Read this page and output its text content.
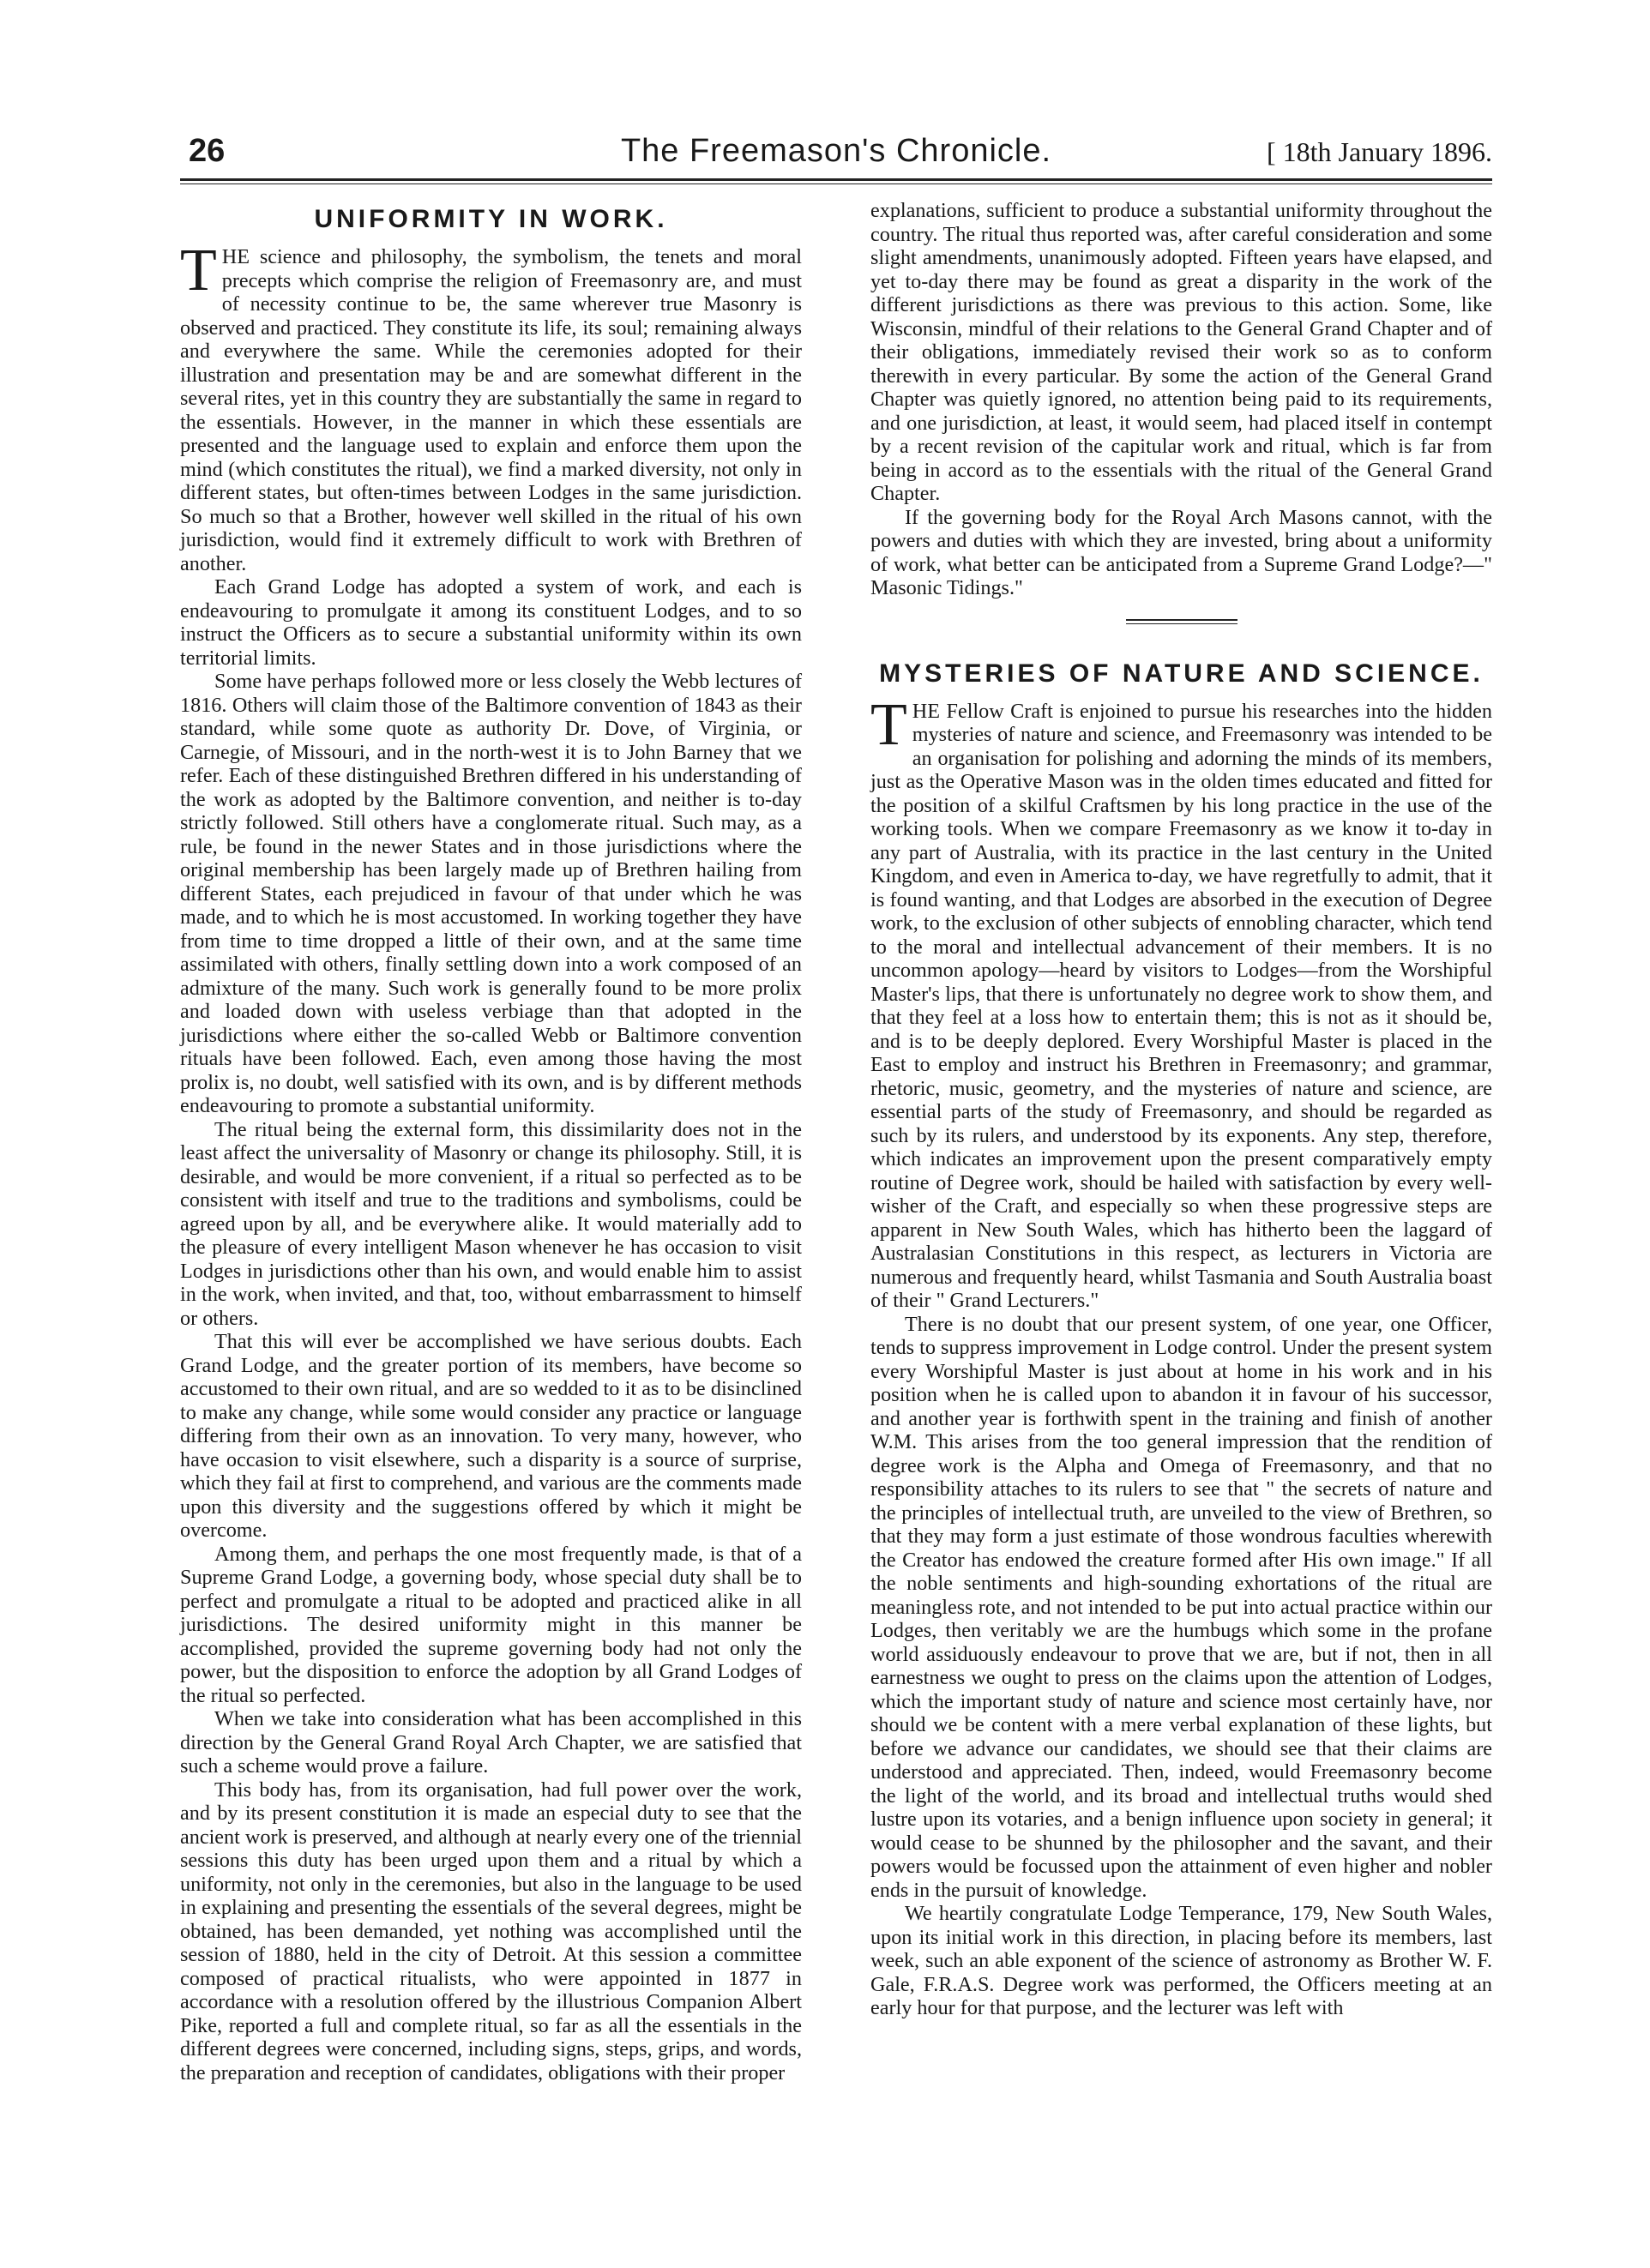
26	The Freemason's Chronicle.	[ 18th January 1896.
UNIFORMITY IN WORK.

THE science and philosophy, the symbolism, the tenets and moral precepts which comprise the religion of Freemasonry are, and must of necessity continue to be, the same wherever true Masonry is observed and practiced. They constitute its life, its soul; remaining always and everywhere the same. While the ceremonies adopted for their illustration and presentation may be and are somewhat different in the several rites, yet in this country they are substantially the same in regard to the essentials. However, in the manner in which these essentials are presented and the language used to explain and enforce them upon the mind (which constitutes the ritual), we find a marked diversity, not only in different states, but often-times between Lodges in the same jurisdiction. So much so that a Brother, however well skilled in the ritual of his own jurisdiction, would find it extremely difficult to work with Brethren of another.

Each Grand Lodge has adopted a system of work, and each is endeavouring to promulgate it among its constituent Lodges, and to so instruct the Officers as to secure a substantial uniformity within its own territorial limits.

Some have perhaps followed more or less closely the Webb lectures of 1816. Others will claim those of the Baltimore convention of 1843 as their standard, while some quote as authority Dr. Dove, of Virginia, or Carnegie, of Missouri, and in the north-west it is to John Barney that we refer. Each of these distinguished Brethren differed in his understanding of the work as adopted by the Baltimore convention, and neither is to-day strictly followed. Still others have a conglomerate ritual. Such may, as a rule, be found in the newer States and in those jurisdictions where the original membership has been largely made up of Brethren hailing from different States, each prejudiced in favour of that under which he was made, and to which he is most accustomed. In working together they have from time to time dropped a little of their own, and at the same time assimilated with others, finally settling down into a work composed of an admixture of the many. Such work is generally found to be more prolix and loaded down with useless verbiage than that adopted in the jurisdictions where either the so-called Webb or Baltimore convention rituals have been followed. Each, even among those having the most prolix is, no doubt, well satisfied with its own, and is by different methods endeavouring to promote a substantial uniformity.

The ritual being the external form, this dissimilarity does not in the least affect the universality of Masonry or change its philosophy. Still, it is desirable, and would be more convenient, if a ritual so perfected as to be consistent with itself and true to the traditions and symbolisms, could be agreed upon by all, and be everywhere alike. It would materially add to the pleasure of every intelligent Mason whenever he has occasion to visit Lodges in jurisdictions other than his own, and would enable him to assist in the work, when invited, and that, too, without embarrassment to himself or others.

That this will ever be accomplished we have serious doubts. Each Grand Lodge, and the greater portion of its members, have become so accustomed to their own ritual, and are so wedded to it as to be disinclined to make any change, while some would consider any practice or language differing from their own as an innovation. To very many, however, who have occasion to visit elsewhere, such a disparity is a source of surprise, which they fail at first to comprehend, and various are the comments made upon this diversity and the suggestions offered by which it might be overcome.

Among them, and perhaps the one most frequently made, is that of a Supreme Grand Lodge, a governing body, whose special duty shall be to perfect and promulgate a ritual to be adopted and practiced alike in all jurisdictions. The desired uniformity might in this manner be accomplished, provided the supreme governing body had not only the power, but the disposition to enforce the adoption by all Grand Lodges of the ritual so perfected.

When we take into consideration what has been accomplished in this direction by the General Grand Royal Arch Chapter, we are satisfied that such a scheme would prove a failure.

This body has, from its organisation, had full power over the work, and by its present constitution it is made an especial duty to see that the ancient work is preserved, and although at nearly every one of the triennial sessions this duty has been urged upon them and a ritual by which a uniformity, not only in the ceremonies, but also in the language to be used in explaining and presenting the essentials of the several degrees, might be obtained, has been demanded, yet nothing was accomplished until the session of 1880, held in the city of Detroit. At this session a committee composed of practical ritualists, who were appointed in 1877 in accordance with a resolution offered by the illustrious Companion Albert Pike, reported a full and complete ritual, so far as all the essentials in the different degrees were concerned, including signs, steps, grips, and words, the preparation and reception of candidates, obligations with their proper

explanations, sufficient to produce a substantial uniformity throughout the country. The ritual thus reported was, after careful consideration and some slight amendments, unanimously adopted. Fifteen years have elapsed, and yet to-day there may be found as great a disparity in the work of the different jurisdictions as there was previous to this action. Some, like Wisconsin, mindful of their relations to the General Grand Chapter and of their obligations, immediately revised their work so as to conform therewith in every particular. By some the action of the General Grand Chapter was quietly ignored, no attention being paid to its requirements, and one jurisdiction, at least, it would seem, had placed itself in contempt by a recent revision of the capitular work and ritual, which is far from being in accord as to the essentials with the ritual of the General Grand Chapter.

If the governing body for the Royal Arch Masons cannot, with the powers and duties with which they are invested, bring about a uniformity of work, what better can be anticipated from a Supreme Grand Lodge?—" Masonic Tidings."

MYSTERIES OF NATURE AND SCIENCE.

THE Fellow Craft is enjoined to pursue his researches into the hidden mysteries of nature and science, and Freemasonry was intended to be an organisation for polishing and adorning the minds of its members, just as the Operative Mason was in the olden times educated and fitted for the position of a skilful Craftsmen by his long practice in the use of the working tools. When we compare Freemasonry as we know it to-day in any part of Australia, with its practice in the last century in the United Kingdom, and even in America to-day, we have regretfully to admit, that it is found wanting, and that Lodges are absorbed in the execution of Degree work, to the exclusion of other subjects of ennobling character, which tend to the moral and intellectual advancement of their members. It is no uncommon apology—heard by visitors to Lodges—from the Worshipful Master's lips, that there is unfortunately no degree work to show them, and that they feel at a loss how to entertain them; this is not as it should be, and is to be deeply deplored. Every Worshipful Master is placed in the East to employ and instruct his Brethren in Freemasonry; and grammar, rhetoric, music, geometry, and the mysteries of nature and science, are essential parts of the study of Freemasonry, and should be regarded as such by its rulers, and understood by its exponents. Any step, therefore, which indicates an improvement upon the present comparatively empty routine of Degree work, should be hailed with satisfaction by every well-wisher of the Craft, and especially so when these progressive steps are apparent in New South Wales, which has hitherto been the laggard of Australasian Constitutions in this respect, as lecturers in Victoria are numerous and frequently heard, whilst Tasmania and South Australia boast of their " Grand Lecturers."

There is no doubt that our present system, of one year, one Officer, tends to suppress improvement in Lodge control. Under the present system every Worshipful Master is just about at home in his work and in his position when he is called upon to abandon it in favour of his successor, and another year is forthwith spent in the training and finish of another W.M. This arises from the too general impression that the rendition of degree work is the Alpha and Omega of Freemasonry, and that no responsibility attaches to its rulers to see that " the secrets of nature and the principles of intellectual truth, are unveiled to the view of Brethren, so that they may form a just estimate of those wondrous faculties wherewith the Creator has endowed the creature formed after His own image." If all the noble sentiments and high-sounding exhortations of the ritual are meaningless rote, and not intended to be put into actual practice within our Lodges, then veritably we are the humbugs which some in the profane world assiduously endeavour to prove that we are, but if not, then in all earnestness we ought to press on the claims upon the attention of Lodges, which the important study of nature and science most certainly have, nor should we be content with a mere verbal explanation of these lights, but before we advance our candidates, we should see that their claims are understood and appreciated. Then, indeed, would Freemasonry become the light of the world, and its broad and intellectual truths would shed lustre upon its votaries, and a benign influence upon society in general; it would cease to be shunned by the philosopher and the savant, and their powers would be focussed upon the attainment of even higher and nobler ends in the pursuit of knowledge.

We heartily congratulate Lodge Temperance, 179, New South Wales, upon its initial work in this direction, in placing before its members, last week, such an able exponent of the science of astronomy as Brother W. F. Gale, F.R.A.S. Degree work was performed, the Officers meeting at an early hour for that purpose, and the lecturer was left with
